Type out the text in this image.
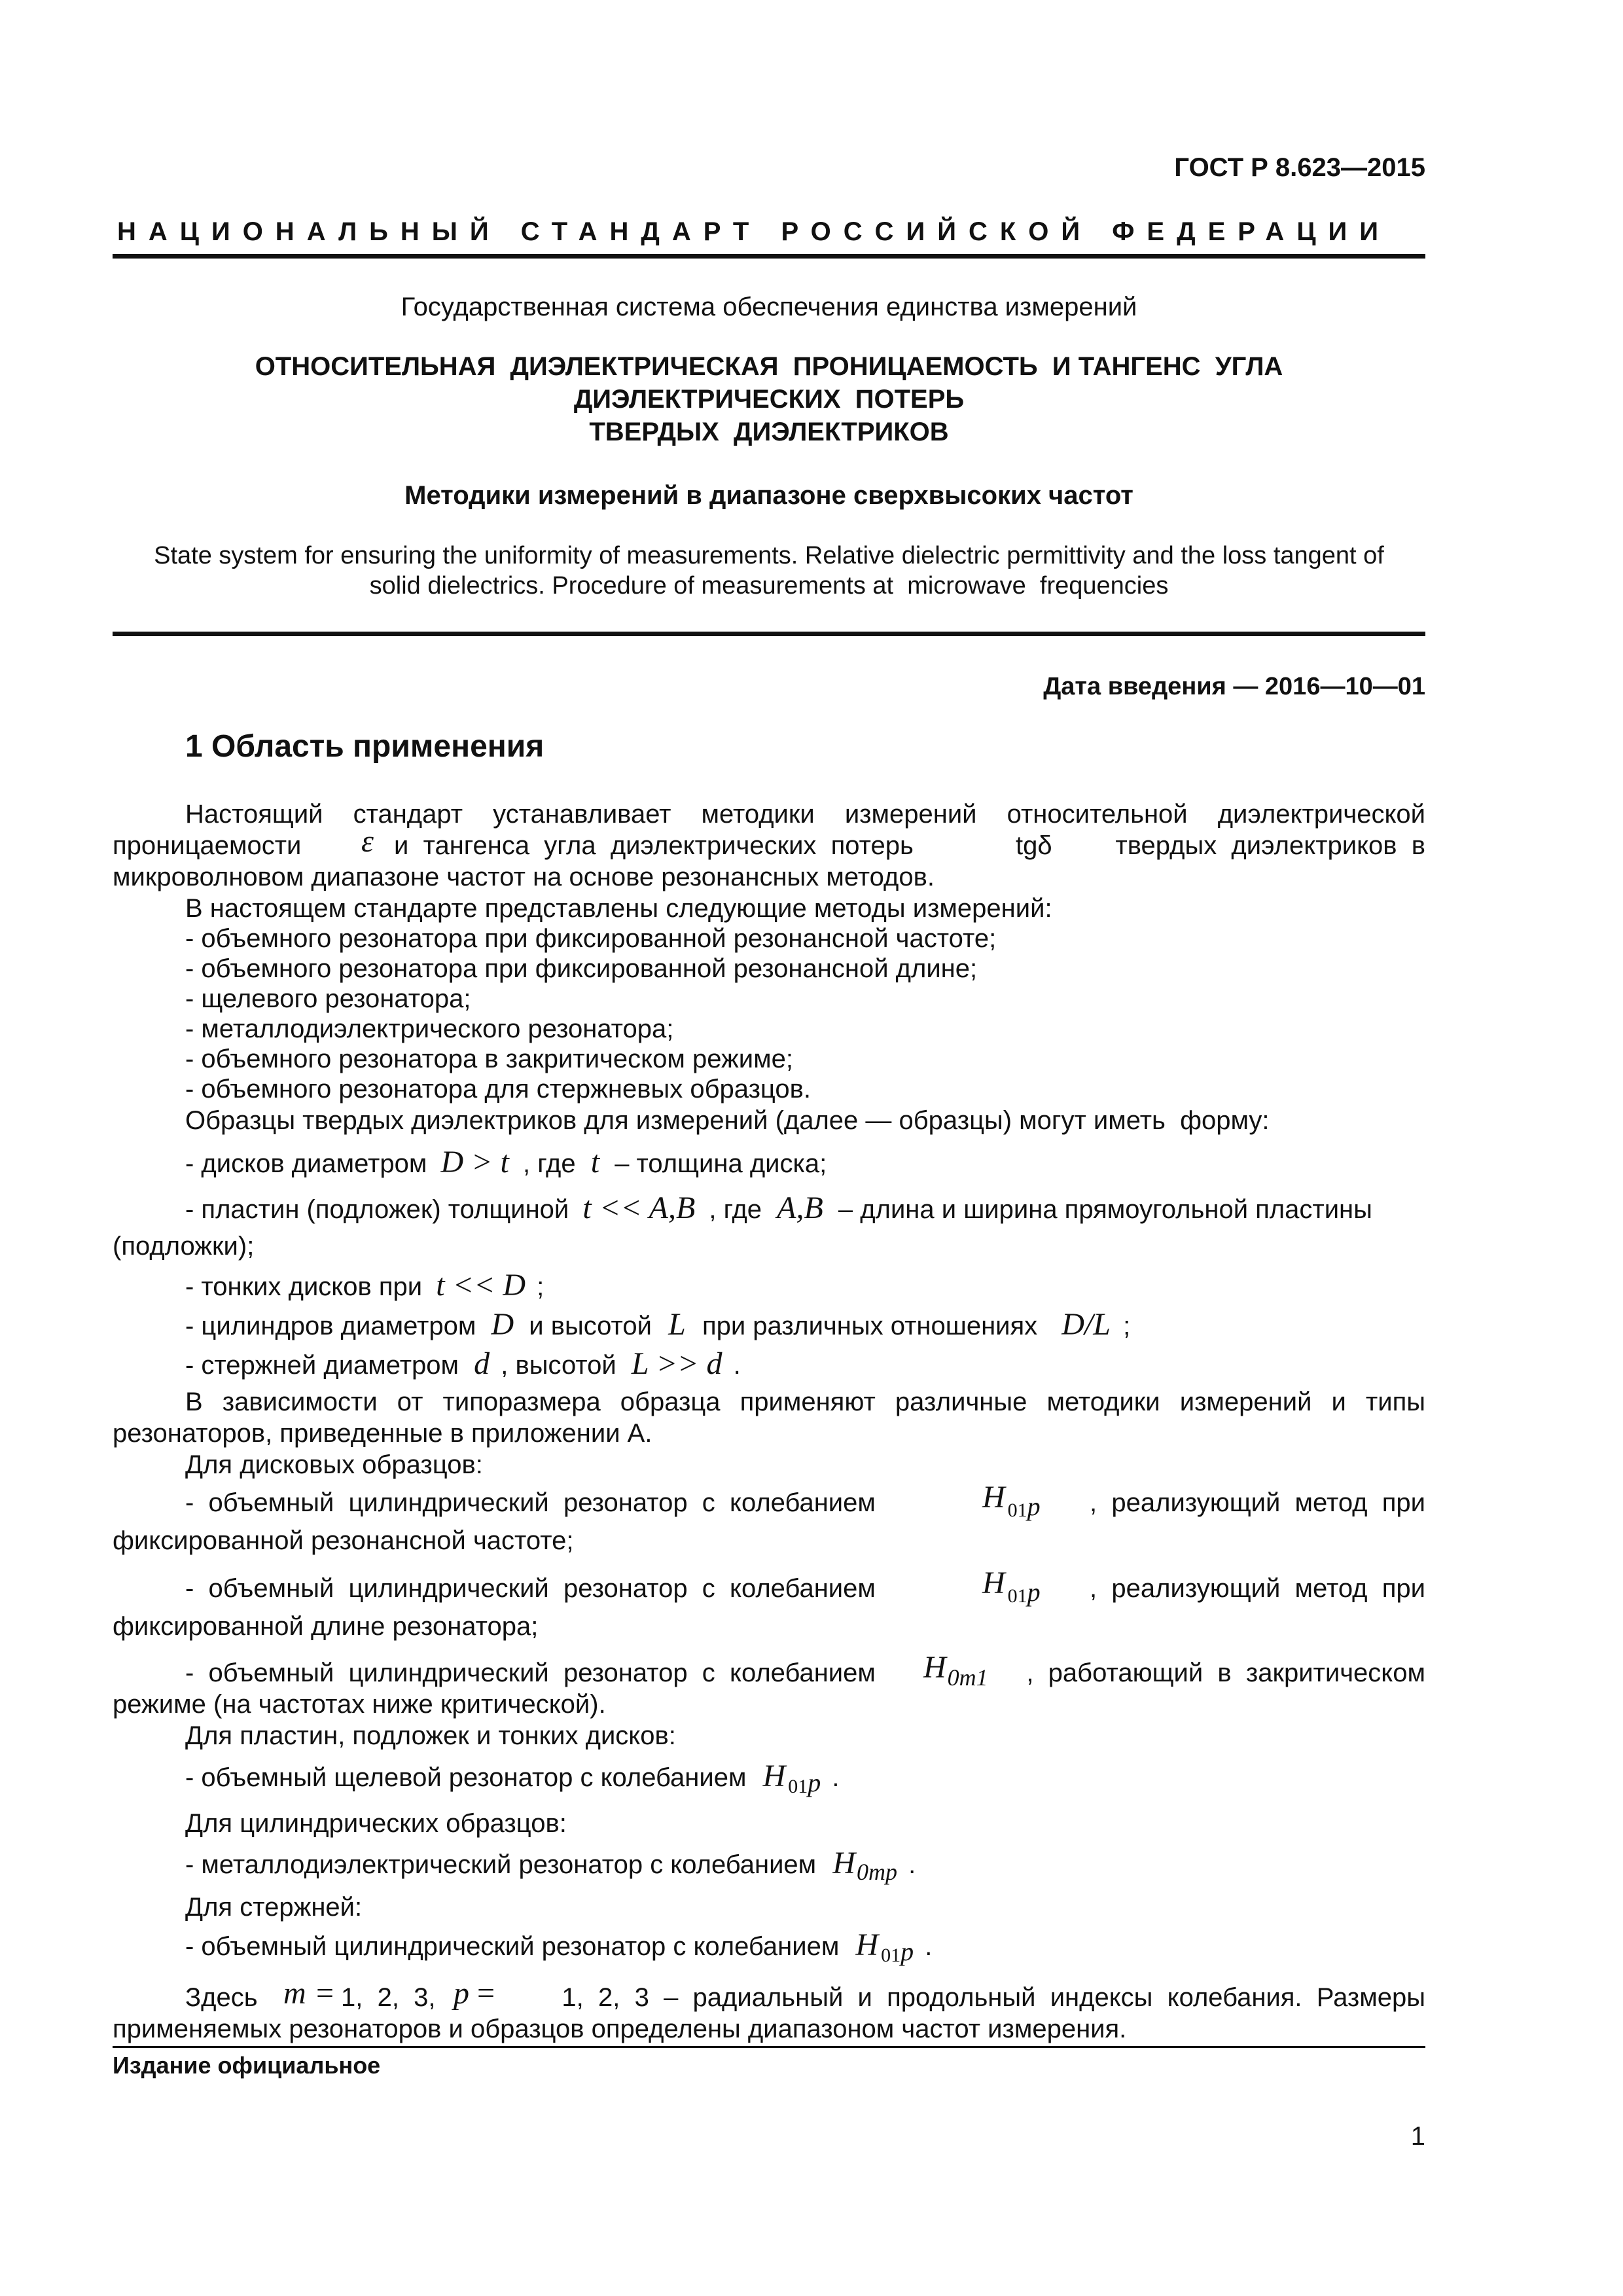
ГОСТ Р 8.623—2015
НАЦИОНАЛЬНЫЙ СТАНДАРТ РОССИЙСКОЙ ФЕДЕРАЦИИ
Государственная система обеспечения единства измерений
ОТНОСИТЕЛЬНАЯ  ДИЭЛЕКТРИЧЕСКАЯ  ПРОНИЦАЕМОСТЬ  И ТАНГЕНС  УГЛА
ДИЭЛЕКТРИЧЕСКИХ  ПОТЕРЬ
ТВЕРДЫХ  ДИЭЛЕКТРИКОВ
Методики измерений в диапазоне сверхвысоких частот
State system for ensuring the uniformity of measurements. Relative dielectric permittivity and the loss tangent of
solid dielectrics. Procedure of measurements at  microwave  frequencies
Дата введения — 2016—10—01
1 Область применения
Настоящий  стандарт  устанавливает  методики  измерений  относительной  диэлектрической
проницаемости ε и  тангенса  угла  диэлектрических  потерь	tgδ твердых  диэлектриков  в
микроволновом диапазоне частот на основе резонансных методов.
В настоящем стандарте представлены следующие методы измерений:
- объемного резонатора при фиксированной резонансной частоте;
- объемного резонатора при фиксированной резонансной длине;
- щелевого резонатора;
- металлодиэлектрического резонатора;
- объемного резонатора в закритическом режиме;
- объемного резонатора для стержневых образцов.
Образцы твердых диэлектриков для измерений (далее — образцы) могут иметь  форму:
- дисков диаметром D > t , где t – толщина диска;
- пластин (подложек) толщиной t << A,B , где A,B – длина и ширина прямоугольной пластины
(подложки);
- тонких дисков при t << D ;
- цилиндров диаметром D и высотой L при различных отношениях D/L ;
- стержней диаметром d , высотой L >> d .
В  зависимости  от  типоразмера  образца  применяют  различные  методики  измерений  и  типы
резонаторов, приведенные в приложении А.
Для дисковых образцов:
-  объемный  цилиндрический  резонатор  с  колебанием	H $_{01}$p ,  реализующий  метод  при
фиксированной резонансной частоте;
-  объемный  цилиндрический  резонатор  с  колебанием	H $_{01}$p ,  реализующий  метод  при
фиксированной длине резонатора;
-  объемный  цилиндрический  резонатор  с  колебанием H0m1 ,  работающий  в  закритическом
режиме (на частотах ниже критической).
Для пластин, подложек и тонких дисков:
- объемный щелевой резонатор с колебанием H $_{01}$p .
Для цилиндрических образцов:
- металлодиэлектрический резонатор с колебанием H0mp .
Для стержней:
- объемный цилиндрический резонатор с колебанием H $_{01}$p .
Здесь m = 1,  2,  3, p =	1,  2,  3  –  радиальный  и  продольный  индексы  колебания.  Размеры
применяемых резонаторов и образцов определены диапазоном частот измерения.
Издание официальное
1
